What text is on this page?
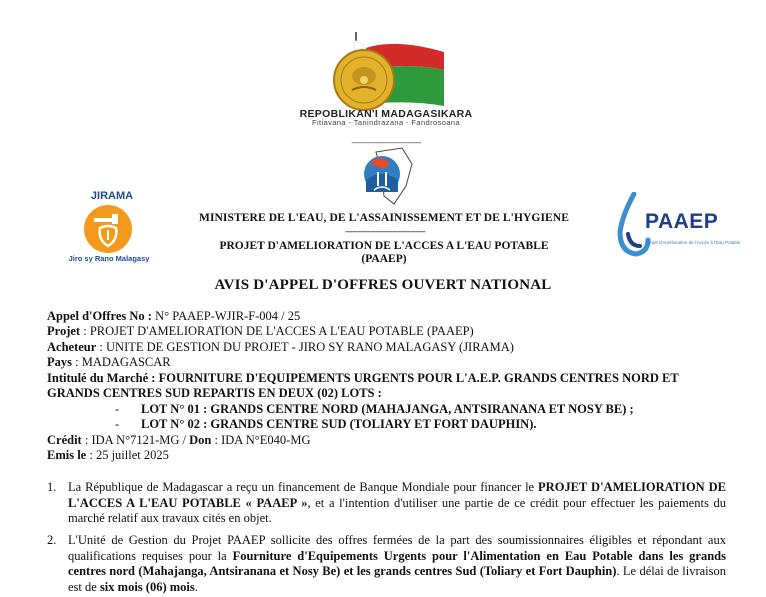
REPOBLIKAN'I MADAGASIKARA
Fitiavana - Tanindrazana - Fandrosoana
--------------------------------
JIRAMA
Jiro sy Rano Malagasy
PAAEP
Projet d'Amélioration de l'Accès à l'Eau Potable
MINISTERE DE L'EAU, DE L'ASSAINISSEMENT ET DE L'HYGIENE
--------------------------------
PROJET D'AMELIORATION DE L'ACCES A L'EAU POTABLE
(PAAEP)
AVIS D'APPEL D'OFFRES OUVERT NATIONAL
Appel d'Offres No : N° PAAEP-WJIR-F-004 / 25
Projet : PROJET D'AMELIORATION DE L'ACCES A L'EAU POTABLE (PAAEP)
Acheteur : UNITE DE GESTION DU PROJET - JIRO SY RANO MALAGASY (JIRAMA)
Pays : MADAGASCAR
Intitulé du Marché : FOURNITURE D'EQUIPEMENTS URGENTS POUR L'A.E.P. GRANDS CENTRES NORD ET
GRANDS CENTRES SUD REPARTIS EN DEUX (02) LOTS :
- LOT N° 01 : GRANDS CENTRE NORD (MAHAJANGA, ANTSIRANANA ET NOSY BE) ;
- LOT N° 02 : GRANDS CENTRE SUD (TOLIARY ET FORT DAUPHIN).
Crédit : IDA N°7121-MG / Don : IDA N°E040-MG
Emis le : 25 juillet 2025
1. La République de Madagascar a reçu un financement de Banque Mondiale pour financer le PROJET D'AMELIORATION DE L'ACCES A L'EAU POTABLE « PAAEP », et a l'intention d'utiliser une partie de ce crédit pour effectuer les paiements du marché relatif aux travaux cités en objet.
2. L'Unité de Gestion du Projet PAAEP sollicite des offres fermées de la part des soumissionnaires éligibles et répondant aux qualifications requises pour la Fourniture d'Equipements Urgents pour l'Alimentation en Eau Potable dans les grands centres nord (Mahajanga, Antsiranana et Nosy Be) et les grands centres Sud (Toliary et Fort Dauphin). Le délai de livraison est de six mois (06) mois.
